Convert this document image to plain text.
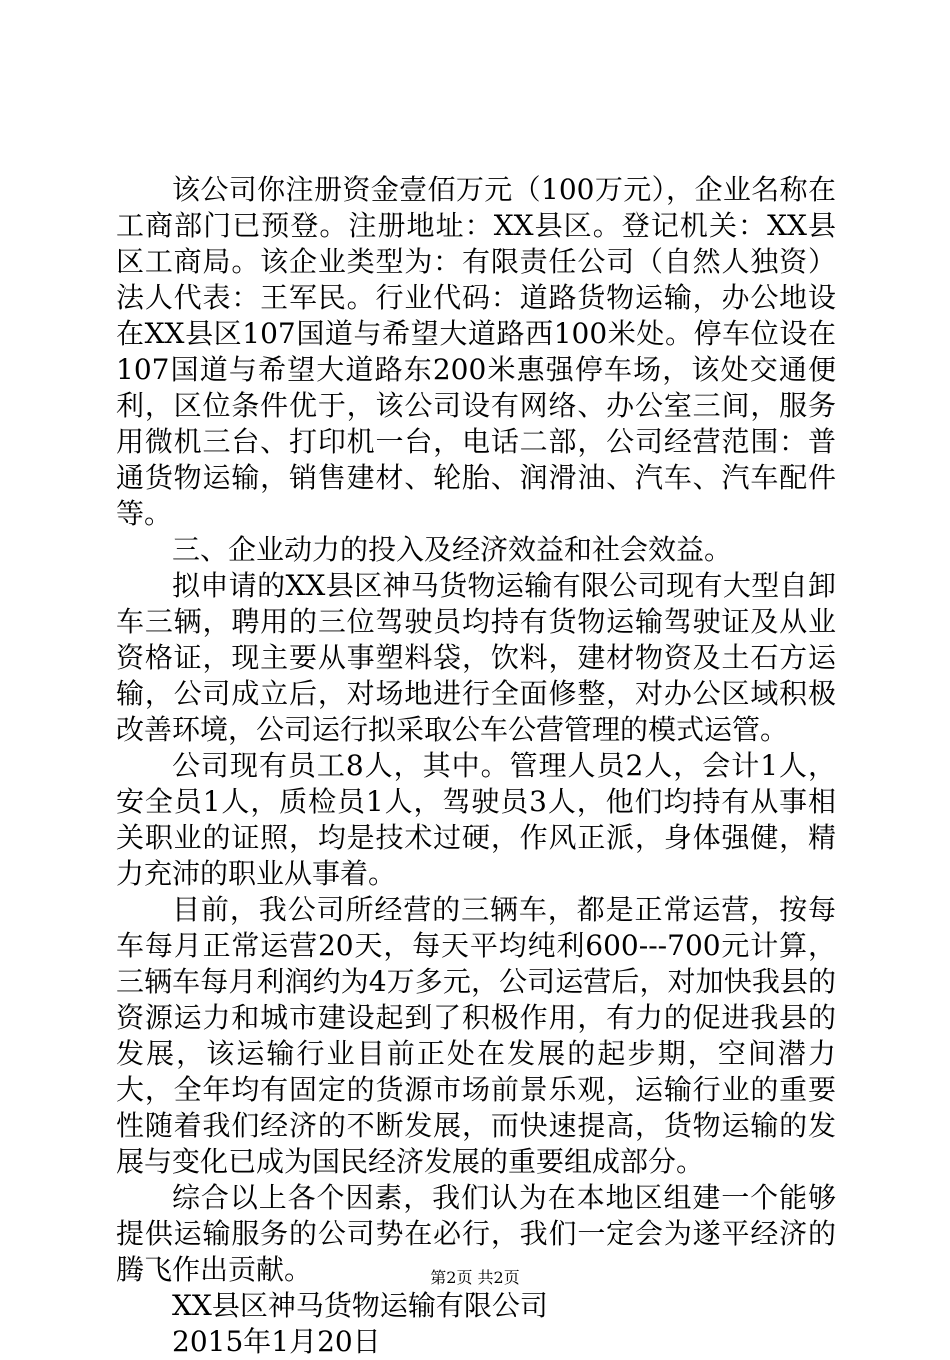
该公司你注册资金壹佰万元（100万元），企业名称在工商部门已预登。注册地址：XX县区。登记机关：XX县区工商局。该企业类型为：有限责任公司（自然人独资）法人代表：王军民。行业代码：道路货物运输，办公地设在XX县区107国道与希望大道路西100米处。停车位设在107国道与希望大道路东200米惠强停车场，该处交通便利，区位条件优于，该公司设有网络、办公室三间，服务用微机三台、打印机一台，电话二部，公司经营范围：普通货物运输，销售建材、轮胎、润滑油、汽车、汽车配件等。

三、企业动力的投入及经济效益和社会效益。

拟申请的XX县区神马货物运输有限公司现有大型自卸车三辆，聘用的三位驾驶员均持有货物运输驾驶证及从业资格证，现主要从事塑料袋，饮料，建材物资及土石方运输，公司成立后，对场地进行全面修整，对办公区域积极改善环境，公司运行拟采取公车公营管理的模式运管。

公司现有员工8人，其中。管理人员2人，会计1人，安全员1人，质检员1人，驾驶员3人，他们均持有从事相关职业的证照，均是技术过硬，作风正派，身体强健，精力充沛的职业从事着。

目前，我公司所经营的三辆车，都是正常运营，按每车每月正常运营20天，每天平均纯利600---700元计算，三辆车每月利润约为4万多元，公司运营后，对加快我县的资源运力和城市建设起到了积极作用，有力的促进我县的发展，该运输行业目前正处在发展的起步期，空间潜力大，全年均有固定的货源市场前景乐观，运输行业的重要性随着我们经济的不断发展，而快速提高，货物运输的发展与变化已成为国民经济发展的重要组成部分。

综合以上各个因素，我们认为在本地区组建一个能够提供运输服务的公司势在必行，我们一定会为遂平经济的腾飞作出贡献。

XX县区神马货物运输有限公司

2015年1月20日

第2页 共2页
